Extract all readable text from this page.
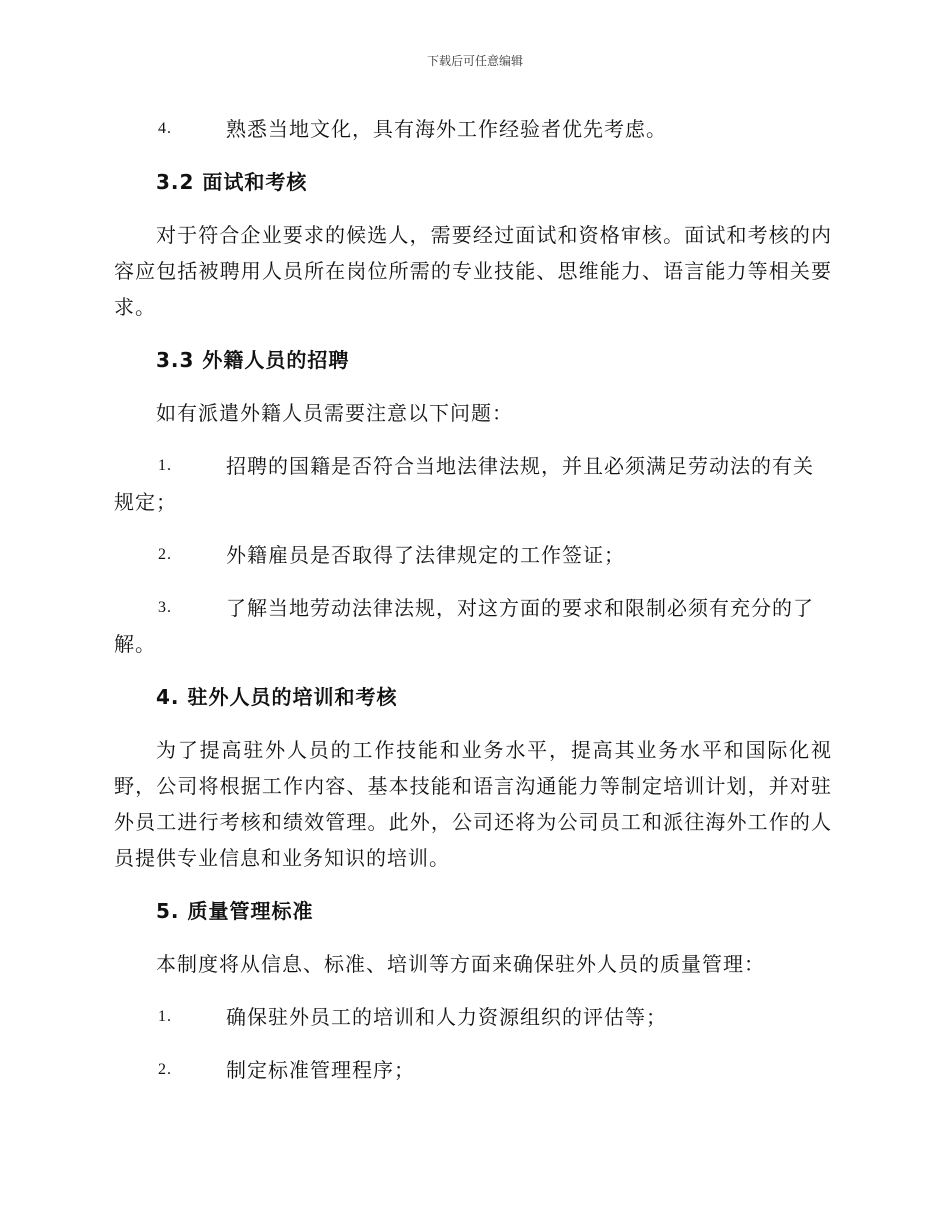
下载后可任意编辑
4.	熟悉当地文化，具有海外工作经验者优先考虑。
3.2 面试和考核
对于符合企业要求的候选人，需要经过面试和资格审核。面试和考核的内容应包括被聘用人员所在岗位所需的专业技能、思维能力、语言能力等相关要求。
3.3 外籍人员的招聘
如有派遣外籍人员需要注意以下问题：
1.	招聘的国籍是否符合当地法律法规，并且必须满足劳动法的有关规定；
2.	外籍雇员是否取得了法律规定的工作签证；
3.	了解当地劳动法律法规，对这方面的要求和限制必须有充分的了解。
4. 驻外人员的培训和考核
为了提高驻外人员的工作技能和业务水平，提高其业务水平和国际化视野，公司将根据工作内容、基本技能和语言沟通能力等制定培训计划，并对驻外员工进行考核和绩效管理。此外，公司还将为公司员工和派往海外工作的人员提供专业信息和业务知识的培训。
5. 质量管理标准
本制度将从信息、标准、培训等方面来确保驻外人员的质量管理：
1.	确保驻外员工的培训和人力资源组织的评估等；
2.	制定标准管理程序；
